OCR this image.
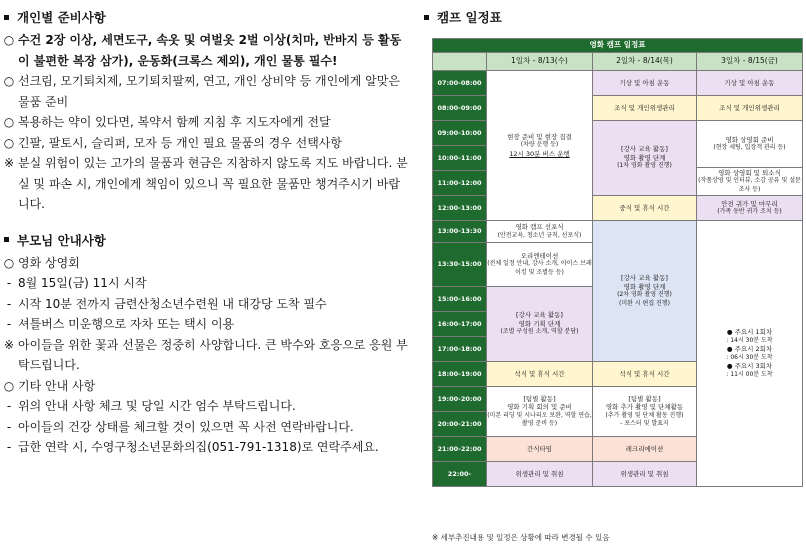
개인별 준비사항
○ 수건 2장 이상, 세면도구, 속옷 및 여벌옷 2벌 이상(치마, 반바지 등 활동이 불편한 복장 삼가), 운동화(크록스 제외), 개인 물통 필수!
○ 선크림, 모기퇴치제, 모기퇴치팔찌, 연고, 개인 상비약 등 개인에게 알맞은 물품 준비
○ 복용하는 약이 있다면, 복약서 함께 지침 후 지도자에게 전달
○ 긴팔, 팔토시, 슬리퍼, 모자 등 개인 필요 물품의 경우 선택사항
※ 분실 위험이 있는 고가의 물품과 현금은 지참하지 않도록 지도 바랍니다. 분실 및 파손 시, 개인에게 책임이 있으니 꼭 필요한 물품만 챙겨주시기 바랍니다.
부모님 안내사항
○ 영화 상영회
- 8월 15일(금) 11시 시작
- 시작 10분 전까지 금련산청소년수련원 내 대강당 도착 필수
- 셔틀버스 미운행으로 자차 또는 택시 이용
※ 아이들을 위한 꽃과 선물은 정중히 사양합니다. 큰 박수와 호응으로 응원 부탁드립니다.
○ 기타 안내 사항
- 위의 안내 사항 체크 및 당일 시간 엄수 부탁드립니다.
- 아이들의 건강 상태를 체크할 것이 있으면 꼭 사전 연락바랍니다.
- 급한 연락 시, 수영구청소년문화의집(051-791-1318)로 연락주세요.
캠프 일정표
영화 캠프 일정표
1일차 - 8/13(수)	2일차 - 8/14(목)	3일차 - 8/15(금)
07:00-08:00
08:00-09:00
09:00-10:00
10:00-11:00
11:00-12:00
12:00-13:00
13:00-13:30
13:30-15:00
15:00-16:00
16:00-17:00
17:00-18:00
18:00-19:00
19:00-20:00
20:00-21:00
21:00-22:00
22:00-
현장 준비 및 현장 집결
(차량 운행 등)
12시 30분 버스 운행
영화 캠프 선포식
(안전교육, 청소년 규칙, 선포식)
오리엔테이션
(전체 일정 안내, 강사 소개, 아이스 브레이킹 및 조별등 등)
[강사 교육 활동]
영화 기획 단계
(조별 구성원 소개, 역할 분담)
석식 및 휴식 시간
[팀별 활동]
영화 기획 회의 및 준비
(미본 리딩 및 시나리오 보완, 역할 연습, 촬영 준비 등)
간식타임
위생관리 및 취침
기상 및 아침 운동
조식 및 개인위생관리
[강사 교육 활동]
영화 촬영 단계
(1차 영화 촬영 진행)
중식 및 휴식 시간
[강사 교육 활동]
영화 촬영 단계
(2차 영화 촬영 진행)
(미완 시 편집 진행)
석식 및 휴식 시간
[팀별 활동]
영화 추가 촬영 및 단체활동
(추가 촬영 및 단체 활동 진행)
- 포스터 및 발표지
레크리에이션
위생관리 및 취침
기상 및 아침 운동
조식 및 개인위생관리
영화 상영회 준비
(현장 세팅, 입장객 관리 등)
영화 상영회 및 퇴소식
(작품상영 및 인터뷰, 소감 공유 및 설문조사 등)
안전 귀가 및 마무리
(가족 동반 귀가 조치 등)
● 주요시 1회차
: 14시 30분 도착
● 주요시 2회차
: 06시 30분 도착
● 주요시 3회차
: 11시 00분 도착
※ 세부추진내용 및 일정은 상황에 따라 변경될 수 있음
